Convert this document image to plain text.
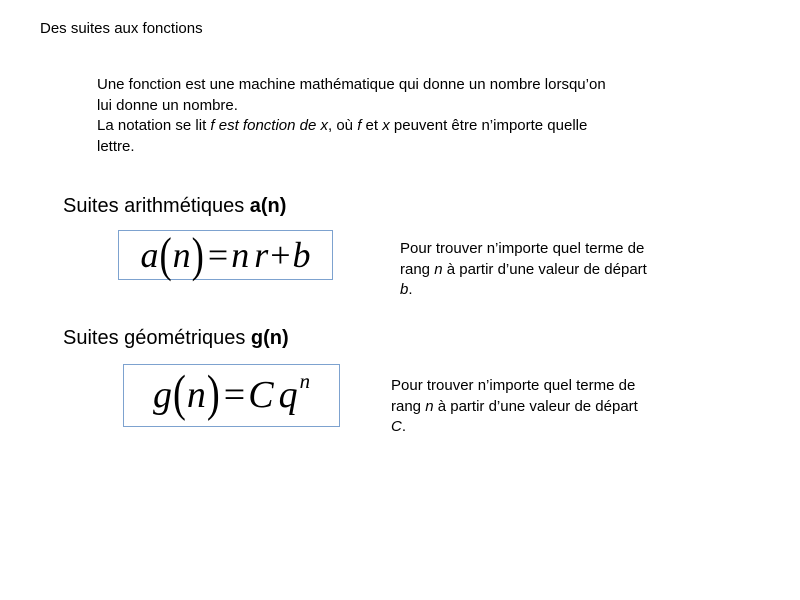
Des suites aux fonctions
Une fonction est une machine mathématique qui donne un nombre lorsqu’on
lui donne un nombre.
La notation se lit f est fonction de x, où f et x peuvent être n’importe quelle
lettre.
Suites arithmétiques a(n)
a ( n ) = n r + b	Pour trouver n’importe quel terme de
rang n à partir d’une valeur de départ
b.
Suites géométriques g(n)
g ( n ) = C q n	Pour trouver n’importe quel terme de
rang n à partir d’une valeur de départ
C.
